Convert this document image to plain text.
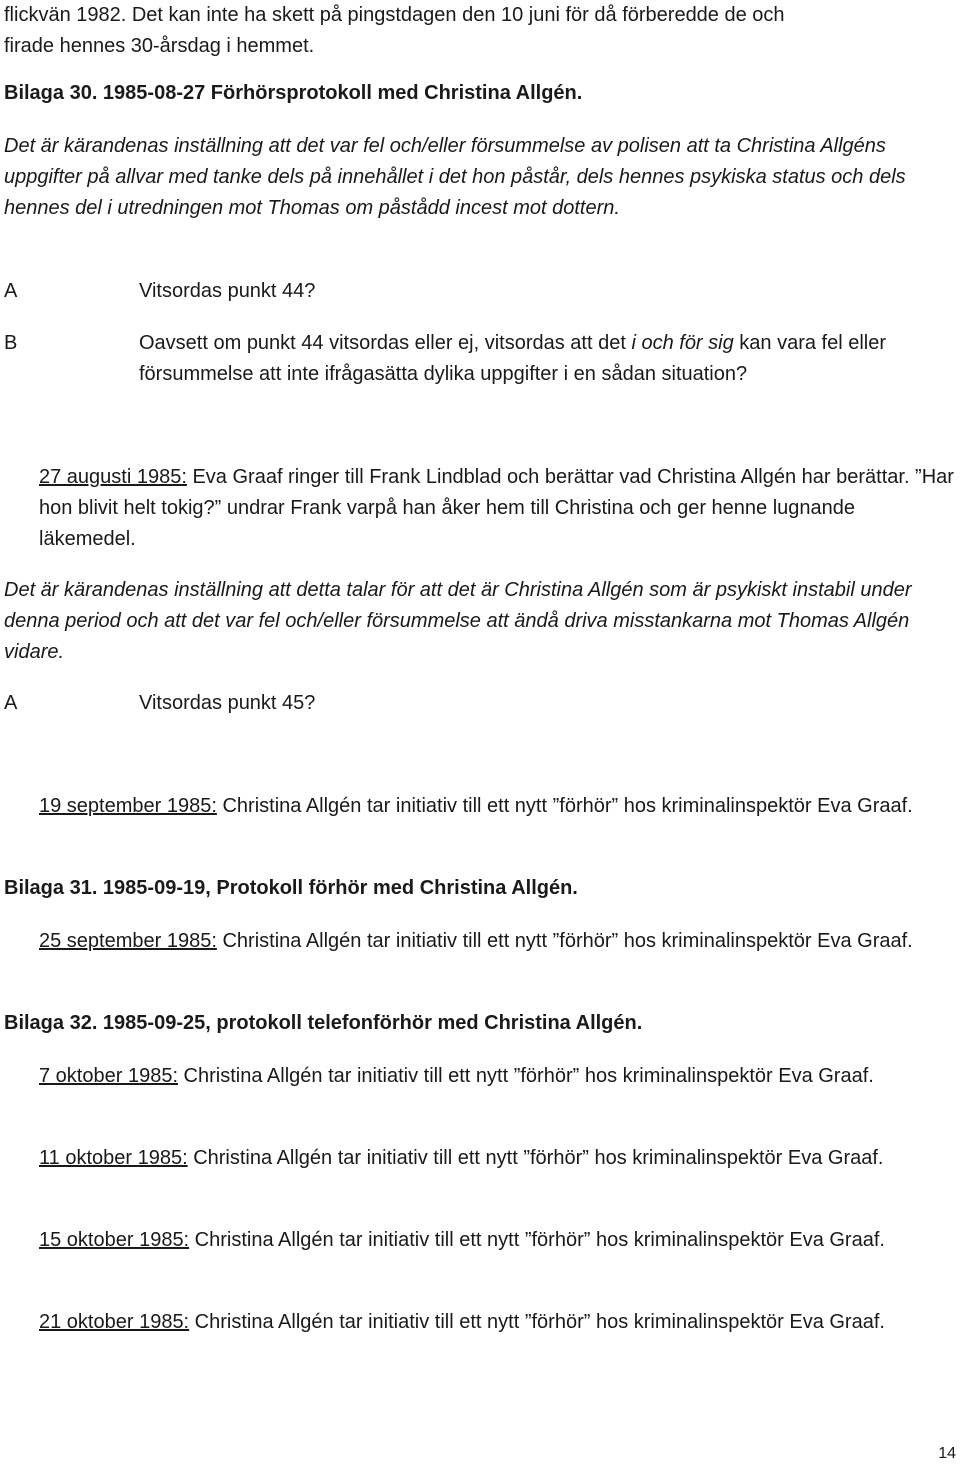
flickvän 1982. Det kan inte ha skett på pingstdagen den 10 juni för då förberedde de och
firade hennes 30-årsdag i hemmet.
Bilaga 30. 1985-08-27 Förhörsprotokoll med Christina Allgén.
Det är kärandenas inställning att det var fel och/eller försummelse av polisen att ta Christina Allgéns uppgifter på allvar med tanke dels på innehållet i det hon påstår, dels hennes psykiska status och dels hennes del i utredningen mot Thomas om påstådd incest mot dottern.
A	Vitsordas punkt 44?
B	Oavsett om punkt 44 vitsordas eller ej, vitsordas att det i och för sig kan vara fel eller försummelse att inte ifrågasätta dylika uppgifter i en sådan situation?
27 augusti 1985: Eva Graaf ringer till Frank Lindblad och berättar vad Christina Allgén har berättar. ”Har hon blivit helt tokig?” undrar Frank varpå han åker hem till Christina och ger henne lugnande läkemedel.
Det är kärandenas inställning att detta talar för att det är Christina Allgén som är psykiskt instabil under denna period och att det var fel och/eller försummelse att ändå driva misstankarna mot Thomas Allgén vidare.
A	Vitsordas punkt 45?
19 september 1985: Christina Allgén tar initiativ till ett nytt ”förhör” hos kriminalinspektör Eva Graaf.
Bilaga 31. 1985-09-19, Protokoll förhör med Christina Allgén.
25 september 1985: Christina Allgén tar initiativ till ett nytt ”förhör” hos kriminalinspektör Eva Graaf.
Bilaga 32. 1985-09-25, protokoll telefonförhör med Christina Allgén.
7 oktober 1985: Christina Allgén tar initiativ till ett nytt ”förhör” hos kriminalinspektör Eva Graaf.
11 oktober 1985: Christina Allgén tar initiativ till ett nytt ”förhör” hos kriminalinspektör Eva Graaf.
15 oktober 1985: Christina Allgén tar initiativ till ett nytt ”förhör” hos kriminalinspektör Eva Graaf.
21 oktober 1985: Christina Allgén tar initiativ till ett nytt ”förhör” hos kriminalinspektör Eva Graaf.
14
